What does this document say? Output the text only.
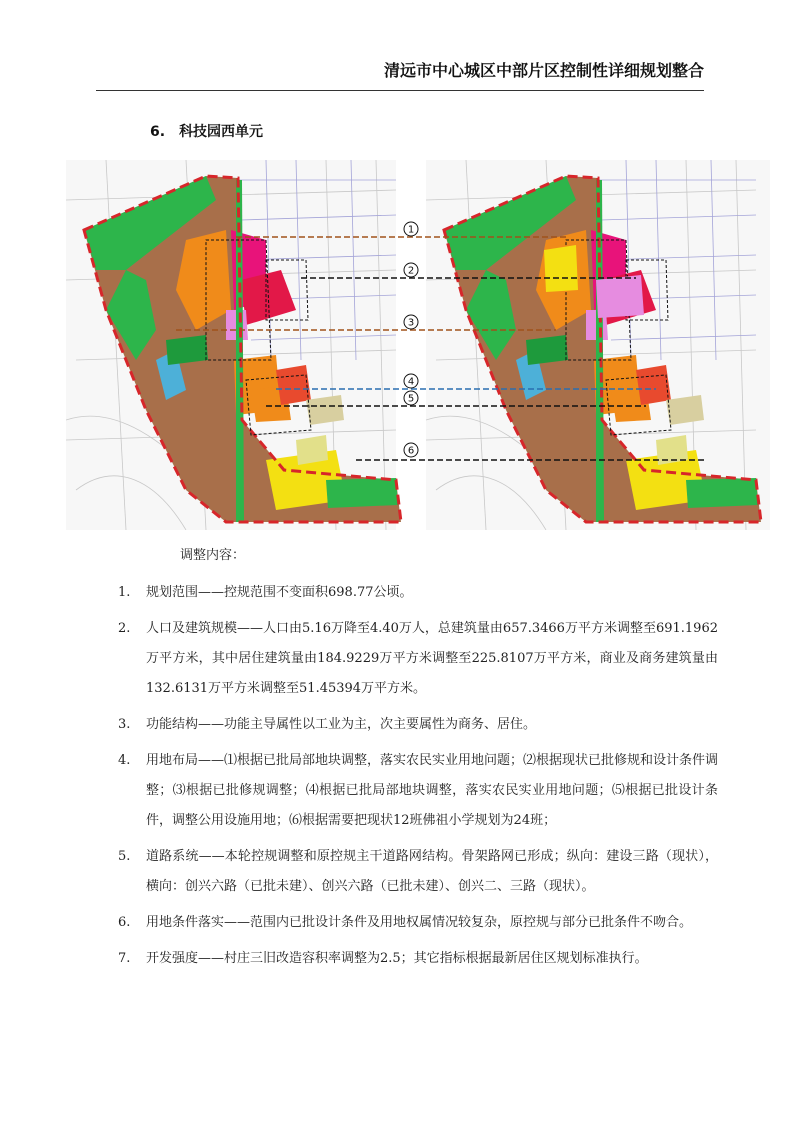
清远市中心城区中部片区控制性详细规划整合
6. 科技园西单元
1
2
3
4
5
6
调整内容：
1. 规划范围——控规范围不变面积698.77公顷。
2. 人口及建筑规模——人口由5.16万降至4.40万人，总建筑量由657.3466万平方米调整至691.1962万平方米，其中居住建筑量由184.9229万平方米调整至225.8107万平方米，商业及商务建筑量由132.6131万平方米调整至51.45394万平方米。
3. 功能结构——功能主导属性以工业为主，次主要属性为商务、居住。
4. 用地布局——⑴根据已批局部地块调整，落实农民实业用地问题；⑵根据现状已批修规和设计条件调整；⑶根据已批修规调整；⑷根据已批局部地块调整，落实农民实业用地问题；⑸根据已批设计条件，调整公用设施用地；⑹根据需要把现状12班佛祖小学规划为24班；
5. 道路系统——本轮控规调整和原控规主干道路网结构。骨架路网已形成；纵向：建设三路（现状），横向：创兴六路（已批未建）、创兴六路（已批未建）、创兴二、三路（现状）。
6. 用地条件落实——范围内已批设计条件及用地权属情况较复杂，原控规与部分已批条件不吻合。
7. 开发强度——村庄三旧改造容积率调整为2.5；其它指标根据最新居住区规划标准执行。
